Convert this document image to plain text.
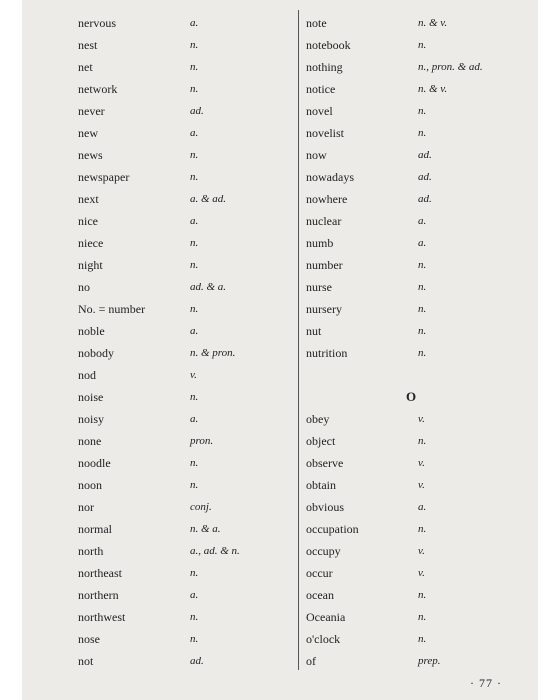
nervous	a.
nest	n.
net	n.
network	n.
never	ad.
new	a.
news	n.
newspaper	n.
next	a. & ad.
nice	a.
niece	n.
night	n.
no	ad. & a.
No. = number	n.
noble	a.
nobody	n. & pron.
nod	v.
noise	n.
noisy	a.
none	pron.
noodle	n.
noon	n.
nor	conj.
normal	n. & a.
north	a., ad. & n.
northeast	n.
northern	a.
northwest	n.
nose	n.
not	ad.
note	n. & v.
notebook	n.
nothing	n., pron. & ad.
notice	n. & v.
novel	n.
novelist	n.
now	ad.
nowadays	ad.
nowhere	ad.
nuclear	a.
numb	a.
number	n.
nurse	n.
nursery	n.
nut	n.
nutrition	n.
O
obey	v.
object	n.
observe	v.
obtain	v.
obvious	a.
occupation	n.
occupy	v.
occur	v.
ocean	n.
Oceania	n.
o'clock	n.
of	prep.
· 77 ·
